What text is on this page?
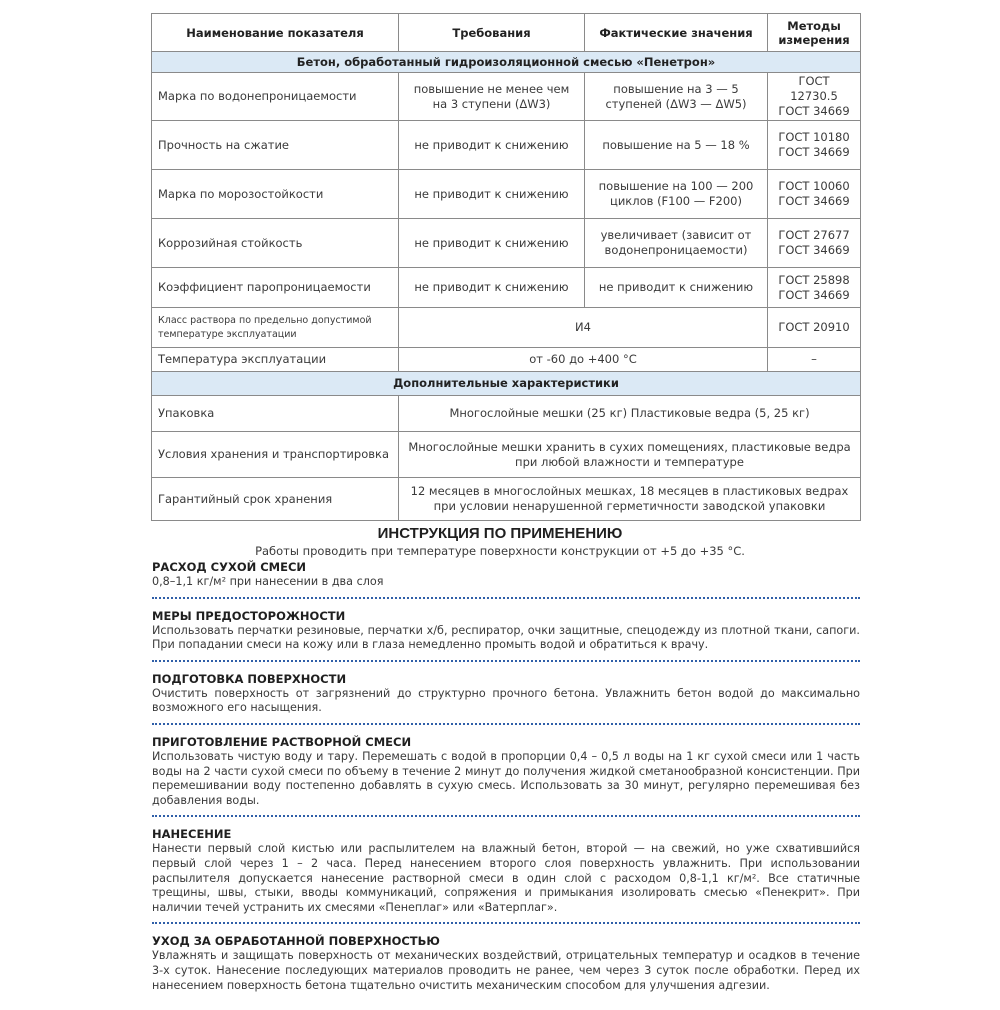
Наименование показателя	Требования	Фактические значения	Методы измерения
Бетон, обработанный гидроизоляционной смесью «Пенетрон»			
Марка по водонепроницаемости	повышение не менее чем на 3 ступени (ΔW3)	повышение на 3 — 5 ступеней (ΔW3 — ΔW5)	ГОСТ 12730.5 ГОСТ 34669
Прочность на сжатие	не приводит к снижению	повышение на 5 — 18 %	ГОСТ 10180 ГОСТ 34669
Марка по морозостойкости	не приводит к снижению	повышение на 100 — 200 циклов (F100 — F200)	ГОСТ 10060 ГОСТ 34669
Коррозийная стойкость	не приводит к снижению	увеличивает (зависит от водонепроницаемости)	ГОСТ 27677 ГОСТ 34669
Коэффициент паропроницаемости	не приводит к снижению	не приводит к снижению	ГОСТ 25898 ГОСТ 34669
Класс раствора по предельно допустимой температуре эксплуатации	И4		ГОСТ 20910
Температура эксплуатации	от -60 до +400 °С		–
Дополнительные характеристики			
Упаковка	Многослойные мешки (25 кг) Пластиковые ведра (5, 25 кг)		
Условия хранения и транспортировка	Многослойные мешки хранить в сухих помещениях, пластиковые ведра при любой влажности и температуре		
Гарантийный срок хранения	12 месяцев в многослойных мешках, 18 месяцев в пластиковых ведрах при условии ненарушенной герметичности заводской упаковки		
ИНСТРУКЦИЯ ПО ПРИМЕНЕНИЮ
Работы проводить при температуре поверхности конструкции от +5 до +35 °С.
РАСХОД СУХОЙ СМЕСИ

0,8–1,1 кг/м² при нанесении в два слоя

МЕРЫ ПРЕДОСТОРОЖНОСТИ

Использовать перчатки резиновые, перчатки х/б, респиратор, очки защитные, спецодежду из плотной ткани, сапоги. При попадании смеси на кожу или в глаза немедленно промыть водой и обратиться к врачу.

ПОДГОТОВКА ПОВЕРХНОСТИ

Очистить поверхность от загрязнений до структурно прочного бетона. Увлажнить бетон водой до максимально возможного его насыщения.

ПРИГОТОВЛЕНИЕ РАСТВОРНОЙ СМЕСИ

Использовать чистую воду и тару. Перемешать с водой в пропорции 0,4 – 0,5 л воды на 1 кг сухой смеси или 1 часть воды на 2 части сухой смеси по объему в течение 2 минут до получения жидкой сметанообразной консистенции. При перемешивании воду постепенно добавлять в сухую смесь. Использовать за 30 минут, регулярно перемешивая без добавления воды.

НАНЕСЕНИЕ

Нанести первый слой кистью или распылителем на влажный бетон, второй — на свежий, но уже схватившийся первый слой через 1 – 2 часа. Перед нанесением второго слоя поверхность увлажнить. При использовании распылителя допускается нанесение растворной смеси в один слой с расходом 0,8-1,1 кг/м². Все статичные трещины, швы, стыки, вводы коммуникаций, сопряжения и примыкания изолировать смесью «Пенекрит». При наличии течей устранить их смесями «Пенеплаг» или «Ватерплаг».

УХОД ЗА ОБРАБОТАННОЙ ПОВЕРХНОСТЬЮ

Увлажнять и защищать поверхность от механических воздействий, отрицательных температур и осадков в течение 3-х суток. Нанесение последующих материалов проводить не ранее, чем через 3 суток после обработки. Перед их нанесением поверхность бетона тщательно очистить механическим способом для улучшения адгезии.
